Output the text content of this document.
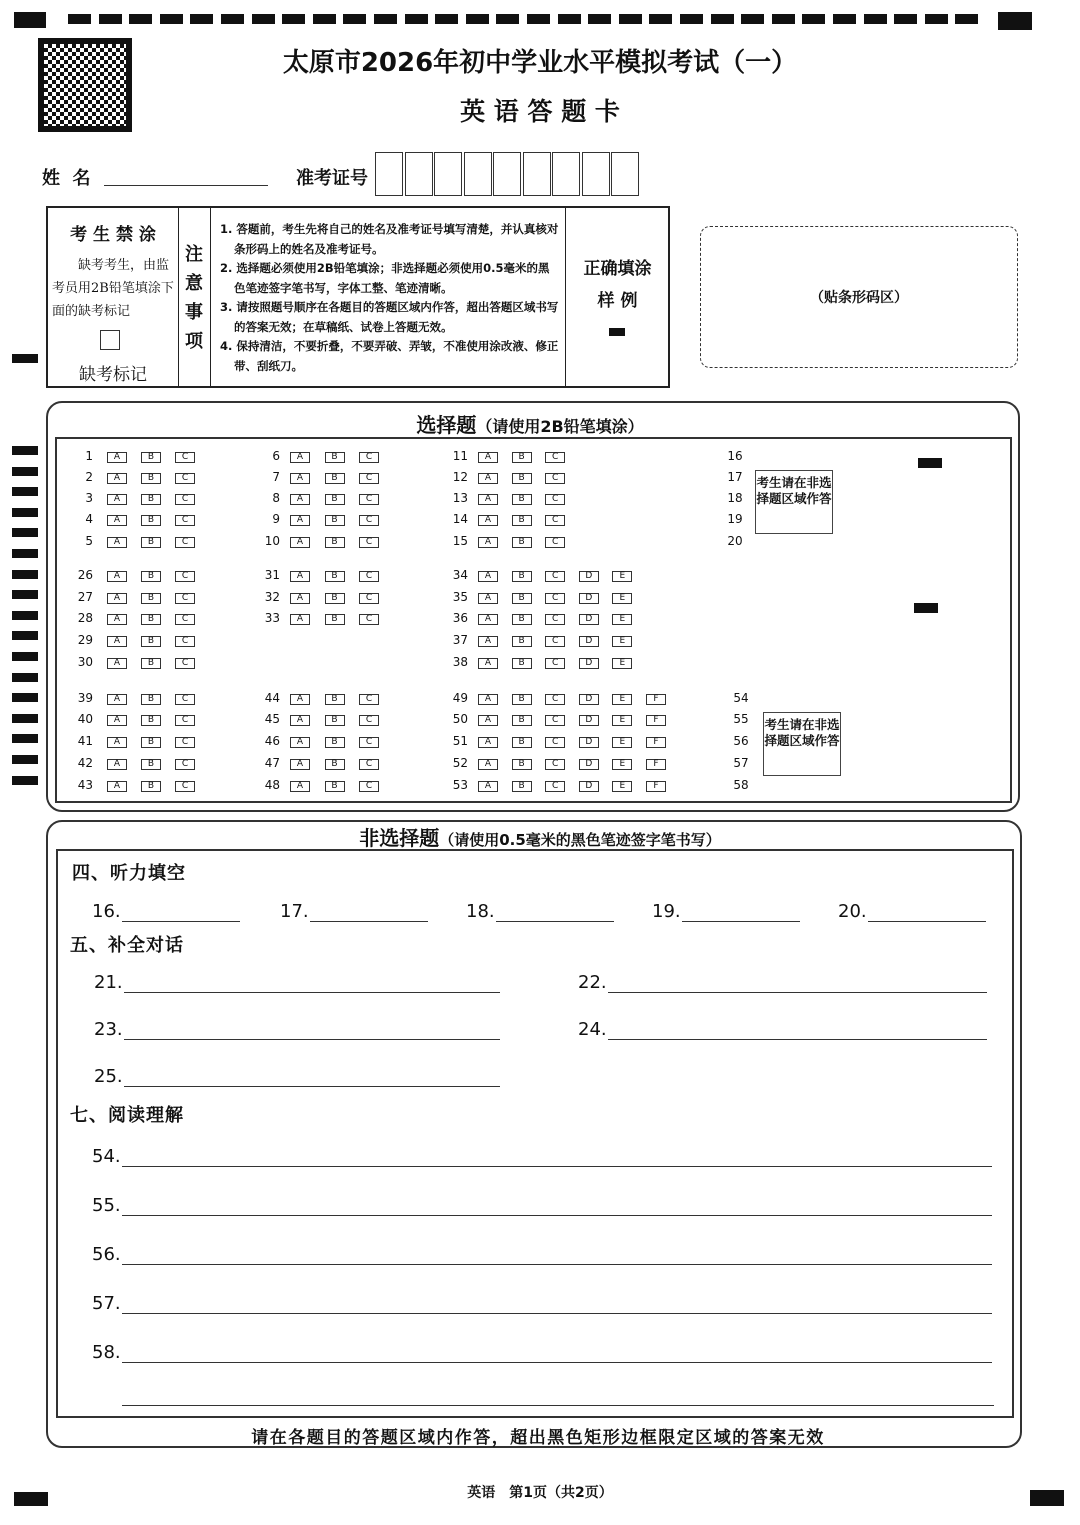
太原市2026年初中学业水平模拟考试（一）
英 语 答 题 卡
姓  名	准考证号
考 生 禁 涂
缺考考生，由监考员用2B铅笔填涂下面的缺考标记
缺考标记
注
意
事
项
1. 答题前，考生先将自己的姓名及准考证号填写清楚，并认真核对条形码上的姓名及准考证号。
2. 选择题必须使用2B铅笔填涂；非选择题必须使用0.5毫米的黑色笔迹签字笔书写，字体工整、笔迹清晰。
3. 请按照题号顺序在各题目的答题区域内作答，超出答题区域书写的答案无效；在草稿纸、试卷上答题无效。
4. 保持清洁，不要折叠，不要弄破、弄皱，不准使用涂改液、修正带、刮纸刀。
正确填涂
样 例	（贴条形码区）
选择题（请使用2B铅笔填涂）
1	A	B	C
2	A	B	C
3	A	B	C
4	A	B	C
5	A	B	C
6	A	B	C
7	A	B	C
8	A	B	C
9	A	B	C
10	A	B	C
11	A	B	C
12	A	B	C
13	A	B	C
14	A	B	C
15	A	B	C
26	A	B	C
27	A	B	C
28	A	B	C
29	A	B	C
30	A	B	C
31	A	B	C
32	A	B	C
33	A	B	C
34	A	B	C	D	E
35	A	B	C	D	E
36	A	B	C	D	E
37	A	B	C	D	E
38	A	B	C	D	E
39	A	B	C
40	A	B	C
41	A	B	C
42	A	B	C
43	A	B	C
44	A	B	C
45	A	B	C
46	A	B	C
47	A	B	C
48	A	B	C
49	A	B	C	D	E	F
50	A	B	C	D	E	F
51	A	B	C	D	E	F
52	A	B	C	D	E	F
53	A	B	C	D	E	F
16
17
18
19
20
54
55
56
57
58
考生请在非选择题区域作答
考生请在非选择题区域作答
非选择题（请使用0.5毫米的黑色笔迹签字笔书写）
四、听力填空
五、补全对话
七、阅读理解
16.	17.	18.	19.	20.
21.	22.
23.	24.
25.
54.
55.
56.
57.
58.
请在各题目的答题区域内作答，超出黑色矩形边框限定区域的答案无效
英语　第1页（共2页）
